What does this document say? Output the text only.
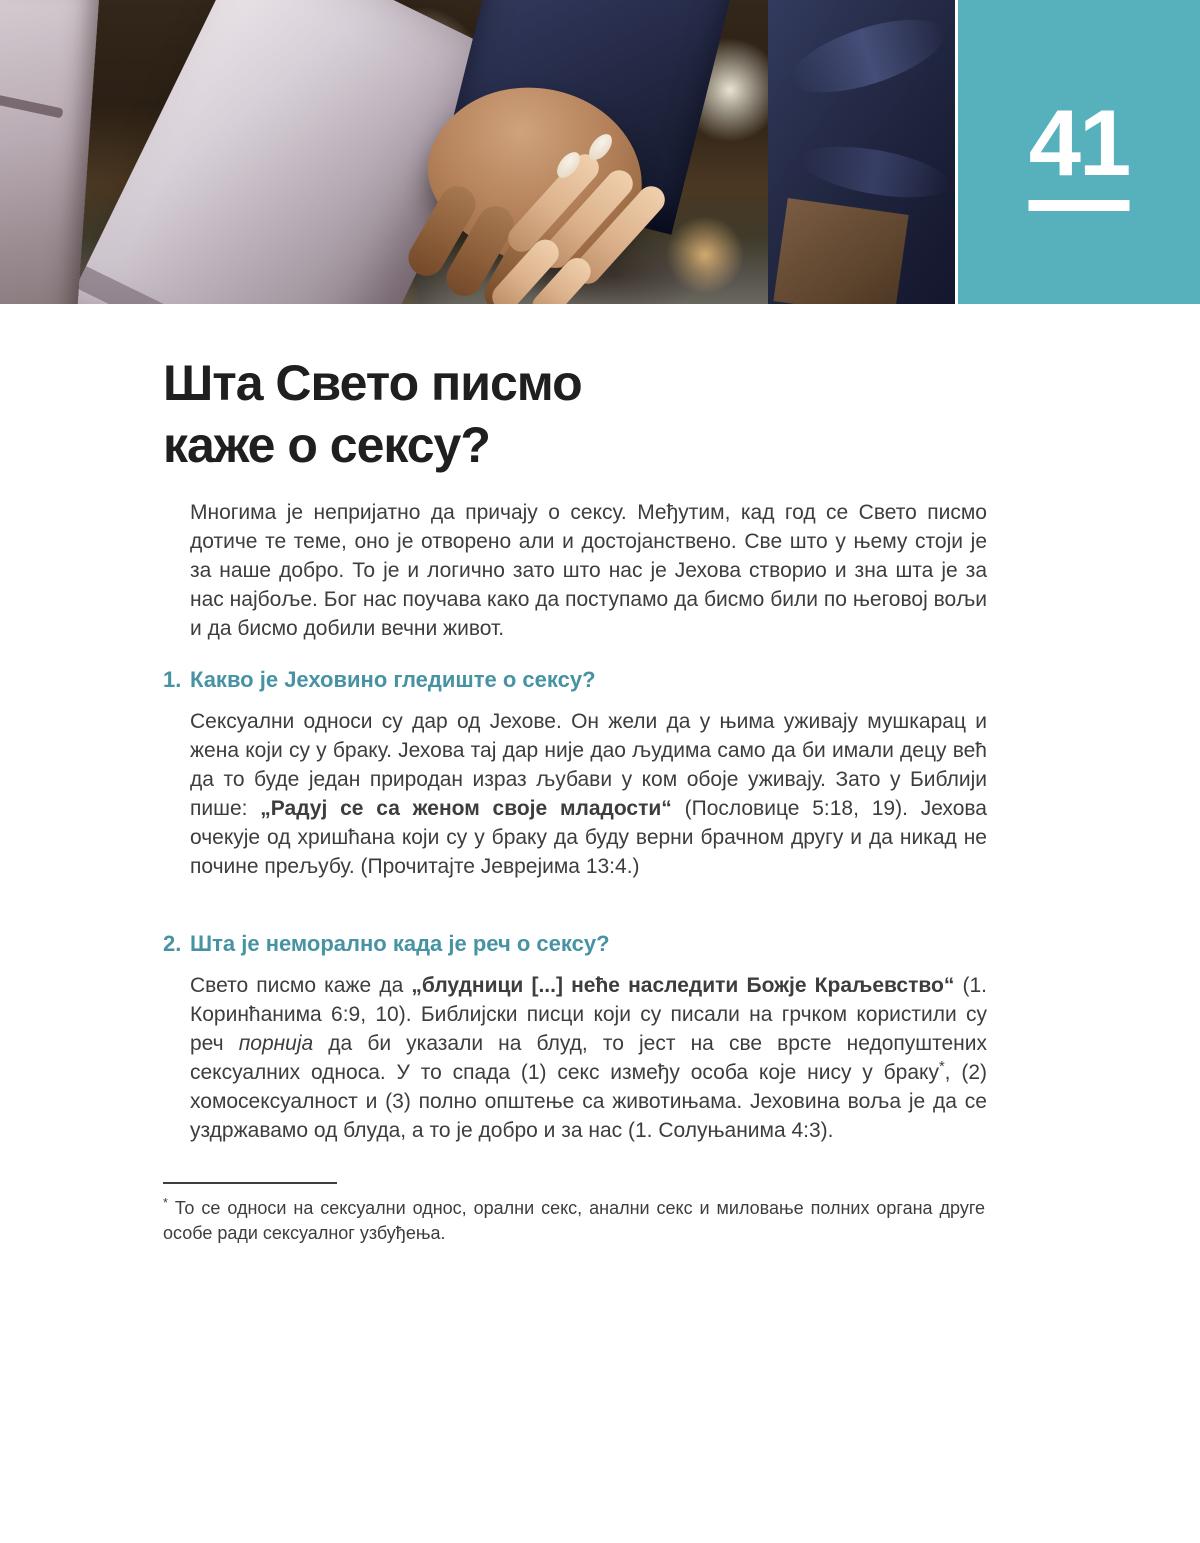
41
Шта Свето писмо
каже о сексу?
Многима је непријатно да причају о сексу. Међутим, кад год се Свето писмо дотиче те теме, оно је отворено али и достојанствено. Све што у њему стоји је за наше добро. То је и логично зато што нас је Јехова створио и зна шта је за нас најбоље. Бог нас поучава како да поступамо да бисмо били по његовој вољи и да бисмо добили вечни живот.
1. Какво је Јеховино гледиште о сексу?
Сексуални односи су дар од Јехове. Он жели да у њима уживају мушкарац и жена који су у браку. Јехова тај дар није дао људима само да би имали децу већ да то буде један природан израз љубави у ком обоје уживају. Зато у Библији пише: „Радуј се са женом своје младости“ (Пословице 5:18, 19). Јехова очекује од хришћана који су у браку да буду верни брачном другу и да никад не почине прељубу. (Прочитајте Јеврејима 13:4.)
2. Шта је неморално када је реч о сексу?
Свето писмо каже да „блудници [...] неће наследити Божје Краљевство“ (1. Коринћанима 6:9, 10). Библијски писци који су писали на грчком користили су реч порнија да би указали на блуд, то јест на све врсте недопуштених сексуалних односа. У то спада (1) секс између особа које нису у браку*, (2) хомосексуалност и (3) полно општење са животињама. Јеховина воља је да се уздржавамо од блуда, а то је добро и за нас (1. Солуњанима 4:3).
* То се односи на сексуални однос, орални секс, анални секс и миловање полних органа друге особе ради сексуалног узбуђења.
